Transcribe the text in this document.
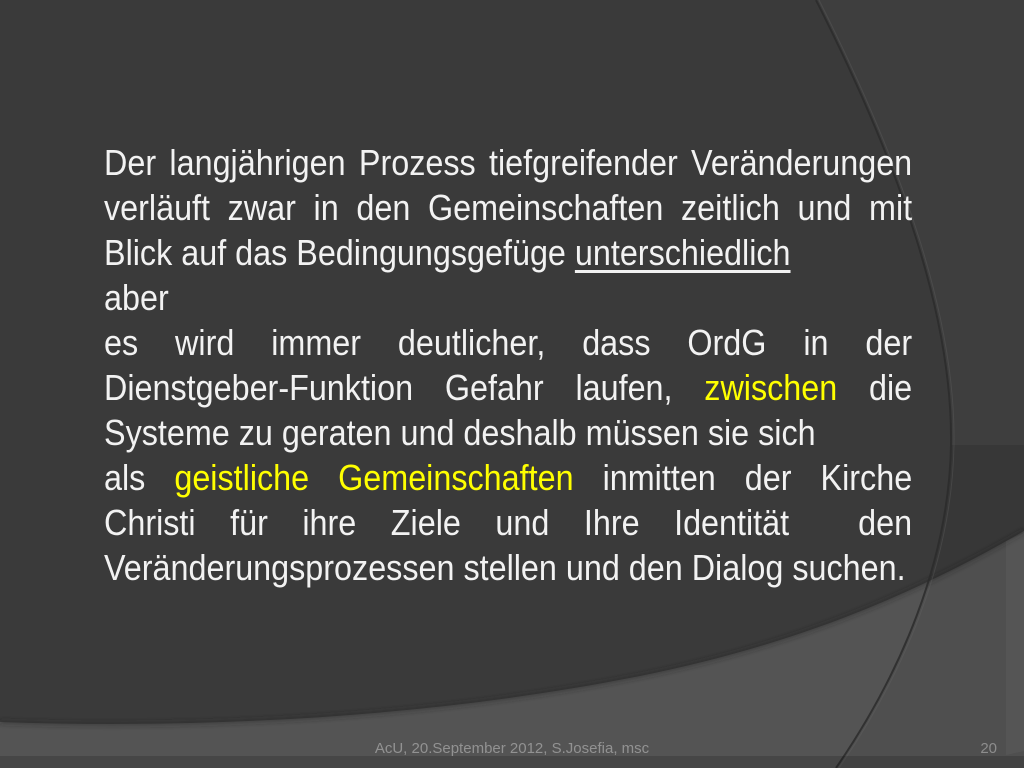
Der langjährigen Prozess tiefgreifender Veränderungen
verläuft zwar in den Gemeinschaften zeitlich und mit
Blick auf das Bedingungsgefüge unterschiedlich
aber
es wird immer deutlicher, dass OrdG in der
Dienstgeber-Funktion Gefahr laufen, zwischen die
Systeme zu geraten und deshalb müssen sie sich
als geistliche Gemeinschaften inmitten der Kirche
Christi für ihre Ziele und Ihre Identität den
Veränderungsprozessen stellen und den Dialog suchen.
AcU, 20.September 2012, S.Josefia, msc	20
